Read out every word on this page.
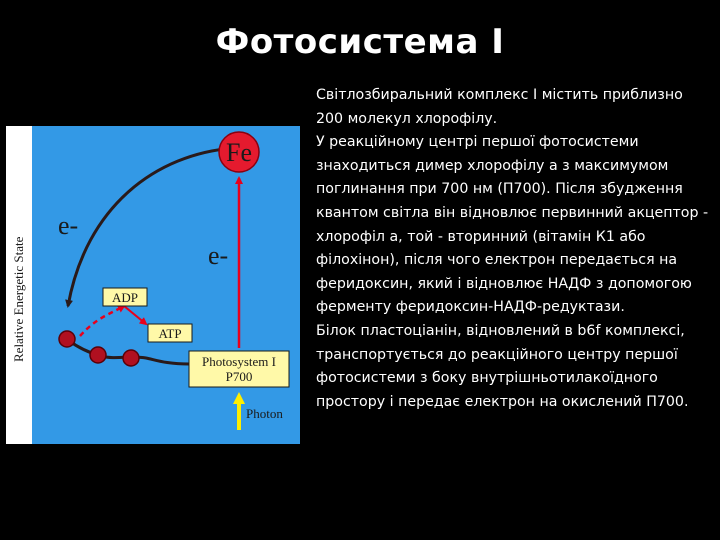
Фотосистема I
Relative Energetic State
Fe
e-
e-
ADP
ATP
Photosystem I
P700
Photon

Світлозбиральний комплекс І містить приблизно 200 молекул хлорофілу.

У реакційному центрі першої фотосистеми знаходиться димер хлорофілу а з максимумом поглинання при 700 нм (П700). Після збудження квантом світла він відновлює первинний акцептор - хлорофіл а, той - вторинний (вітамін К1 або філохінон), після чого електрон передається на феридоксин, який і відновлює НАДФ з допомогою ферменту феридоксин-НАДФ-редуктази.

Білок пластоціанін, відновлений в b6f комплексі, транспортується до реакційного центру першої фотосистеми з боку внутрішньотилакоїдного простору і передає електрон на окислений П700.
